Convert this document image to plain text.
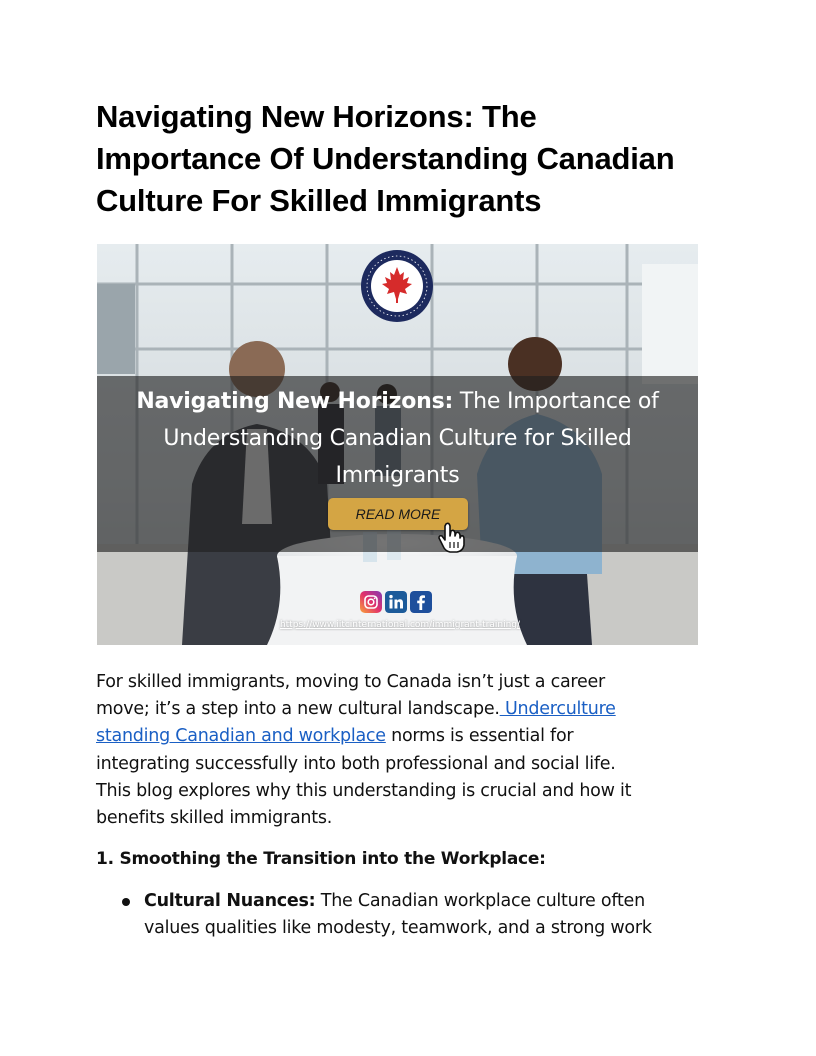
Navigating New Horizons: The
Importance Of Understanding Canadian
Culture For Skilled Immigrants

Navigating New Horizons: The Importance of
Understanding Canadian Culture for Skilled
Immigrants

READ MORE
https://www.iitcinternational.com/immigrant-training/

For skilled immigrants, moving to Canada isn’t just a career
move; it’s a step into a new cultural landscape. Underculture
standing Canadian and workplace norms is essential for
integrating successfully into both professional and social life.
This blog explores why this understanding is crucial and how it
benefits skilled immigrants.

1. Smoothing the Transition into the Workplace:
Cultural Nuances: The Canadian workplace culture often
values qualities like modesty, teamwork, and a strong work
